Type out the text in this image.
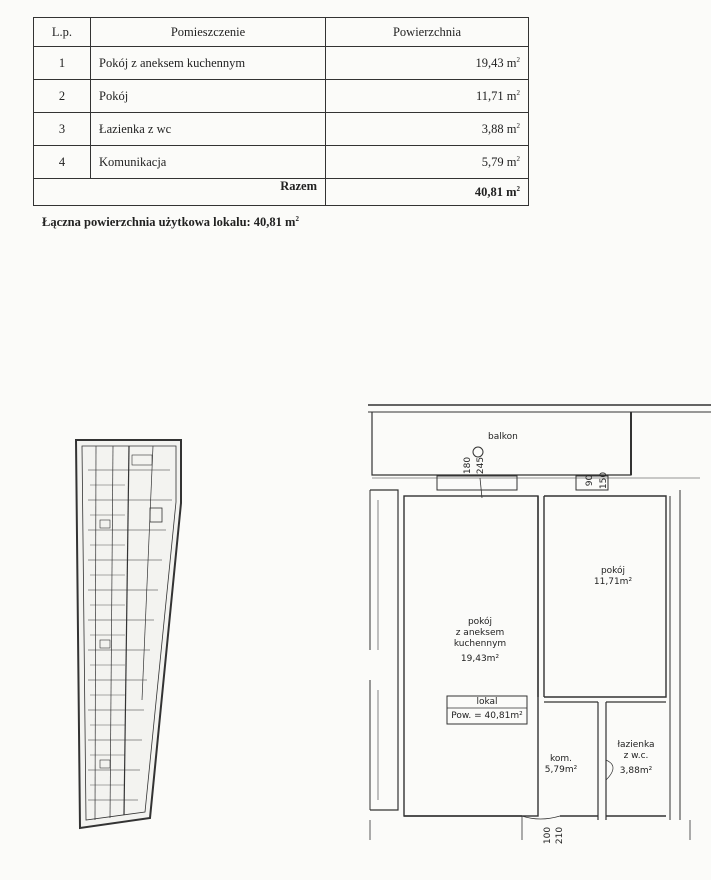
L.p.	Pomieszczenie	Powierzchnia
1	Pokój z aneksem kuchennym	19,43 $m^2$
2	Pokój	11,71 $m^2$
3	Łazienka z wc	3,88 $m^2$
4	Komunikacja	5,79 $m^2$
Razem		40,81 $m^2$
Łączna powierzchnia użytkowa lokalu: 40,81 $m^2$
balkon
180 245
90 150
100 210
pokój
z aneksem
kuchennym
19,43m²
pokój
11,71m²
lokal
Pow. = 40,81m²
kom.
5,79m²
łazienka
z w.c.
3,88m²
